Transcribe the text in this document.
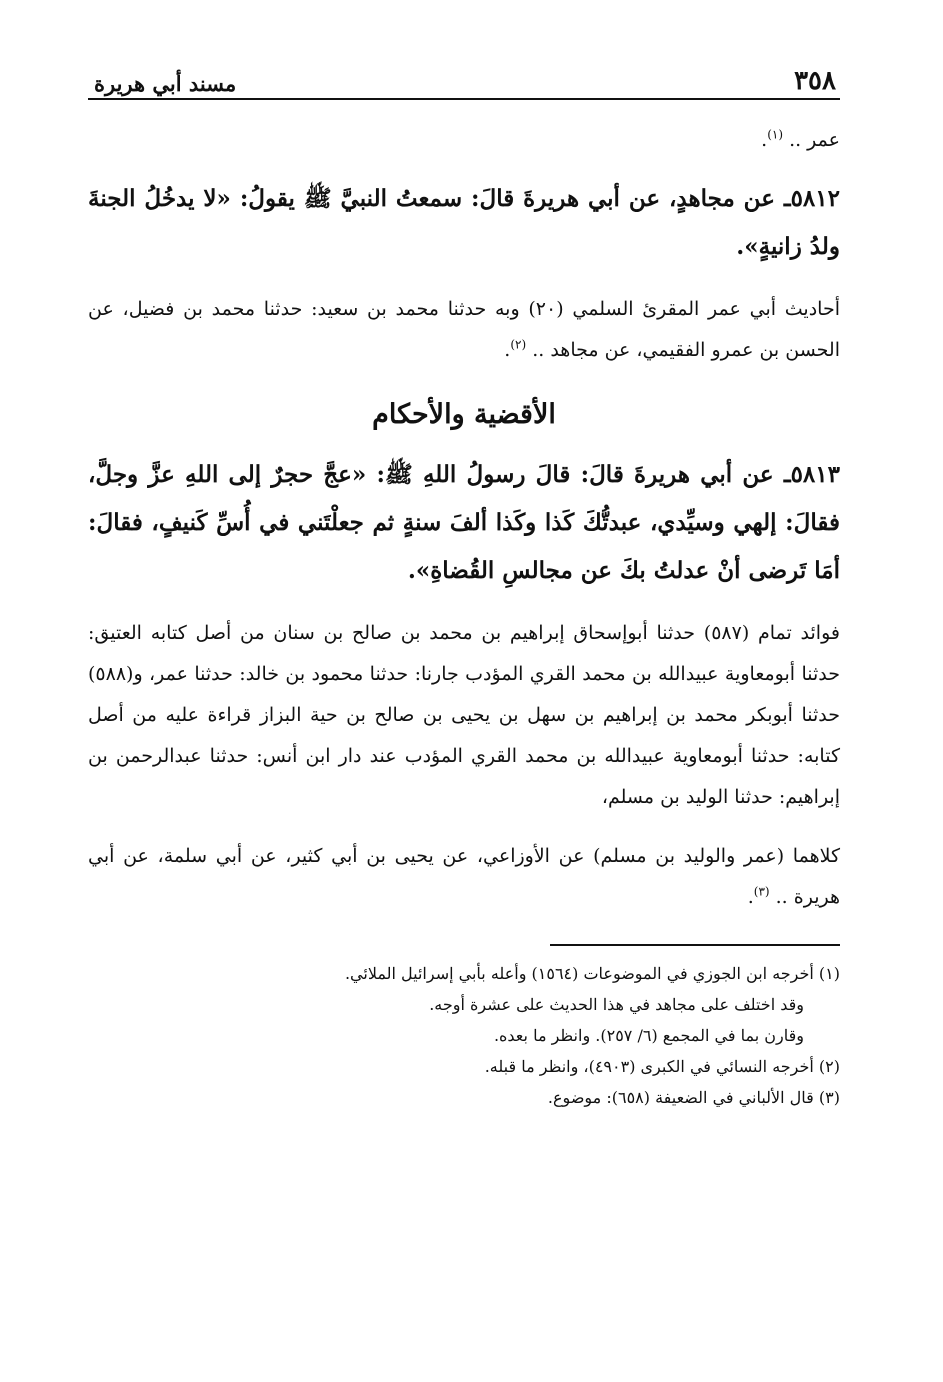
٣٥٨
مسند أبي هريرة

عمر .. $^{(١)}$.

٥٨١٢ـ عن مجاهدٍ، عن أبي هريرةَ قالَ: سمعتُ النبيَّ ﷺ يقولُ: «لا يدخُلُ الجنةَ ولدُ زانيةٍ».

أحاديث أبي عمر المقرئ السلمي (٢٠) وبه حدثنا محمد بن سعيد: حدثنا محمد بن فضيل، عن الحسن بن عمرو الفقيمي، عن مجاهد .. $^{(٢)}$.

الأقضية والأحكام

٥٨١٣ـ عن أبي هريرةَ قالَ: قالَ رسولُ اللهِ ﷺ: «عجَّ حجرٌ إلى اللهِ عزَّ وجلَّ، فقالَ: إلهي وسيِّدي، عبدتُّكَ كَذا وكَذا ألفَ سنةٍ ثم جعلْتَني في أُسِّ كَنيفٍ، فقالَ: أمَا تَرضى أنْ عدلتُ بكَ عن مجالسِ القُضاةِ».

فوائد تمام (٥٨٧) حدثنا أبوإسحاق إبراهيم بن محمد بن صالح بن سنان من أصل كتابه العتيق: حدثنا أبومعاوية عبيدالله بن محمد القري المؤدب جارنا: حدثنا محمود بن خالد: حدثنا عمر، و(٥٨٨) حدثنا أبوبكر محمد بن إبراهيم بن سهل بن يحيى بن صالح بن حية البزاز قراءة عليه من أصل كتابه: حدثنا أبومعاوية عبيدالله بن محمد القري المؤدب عند دار ابن أنس: حدثنا عبدالرحمن بن إبراهيم: حدثنا الوليد بن مسلم،

كلاهما (عمر والوليد بن مسلم) عن الأوزاعي، عن يحيى بن أبي كثير، عن أبي سلمة، عن أبي هريرة .. $^{(٣)}$.

(١) أخرجه ابن الجوزي في الموضوعات (١٥٦٤) وأعله بأبي إسرائيل الملائي.

وقد اختلف على مجاهد في هذا الحديث على عشرة أوجه.

وقارن بما في المجمع (٦/ ٢٥٧). وانظر ما بعده.

(٢) أخرجه النسائي في الكبرى (٤٩٠٣)، وانظر ما قبله.

(٣) قال الألباني في الضعيفة (٦٥٨): موضوع.
